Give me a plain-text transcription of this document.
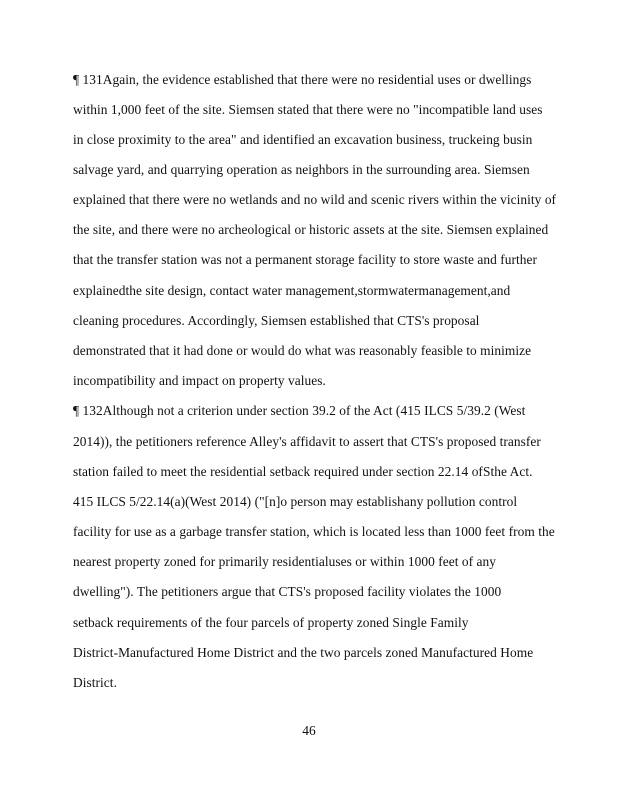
¶ 131Again, the evidence established that there were no residential uses or dwellings
within 1,000 feet of the site. Siemsen stated that there were no "incompatible land uses
in close proximity to the area" and identified an excavation business, truckeing busin
salvage yard, and quarrying operation as neighbors in the surrounding area. Siemsen
explained that there were no wetlands and no wild and scenic rivers within the vicinity of
the site, and there were no archeological or historic assets at the site. Siemsen explained
that the transfer station was not a permanent storage facility to store waste and further
explainedthe site design, contact water management,stormwatermanagement,and
cleaning procedures. Accordingly, Siemsen established that CTS's proposal
demonstrated that it had done or would do what was reasonably feasible to minimize
incompatibility and impact on property values.
¶ 132Although not a criterion under section 39.2 of the Act (415 ILCS 5/39.2 (West
2014)), the petitioners reference Alley's affidavit to assert that CTS's proposed transfer
station failed to meet the residential setback required under section 22.14 ofSthe Act.
415 ILCS 5/22.14(a)(West 2014) ("[n]o person may establishany pollution control
facility for use as a garbage transfer station, which is located less than 1000 feet from the
nearest property zoned for primarily residentialuses or within 1000 feet of any
dwelling"). The petitioners argue that CTS's proposed facility violates the 1000
setback requirements of the four parcels of property zoned Single Family
District-Manufactured Home District and the two parcels zoned Manufactured Home
District.
46
